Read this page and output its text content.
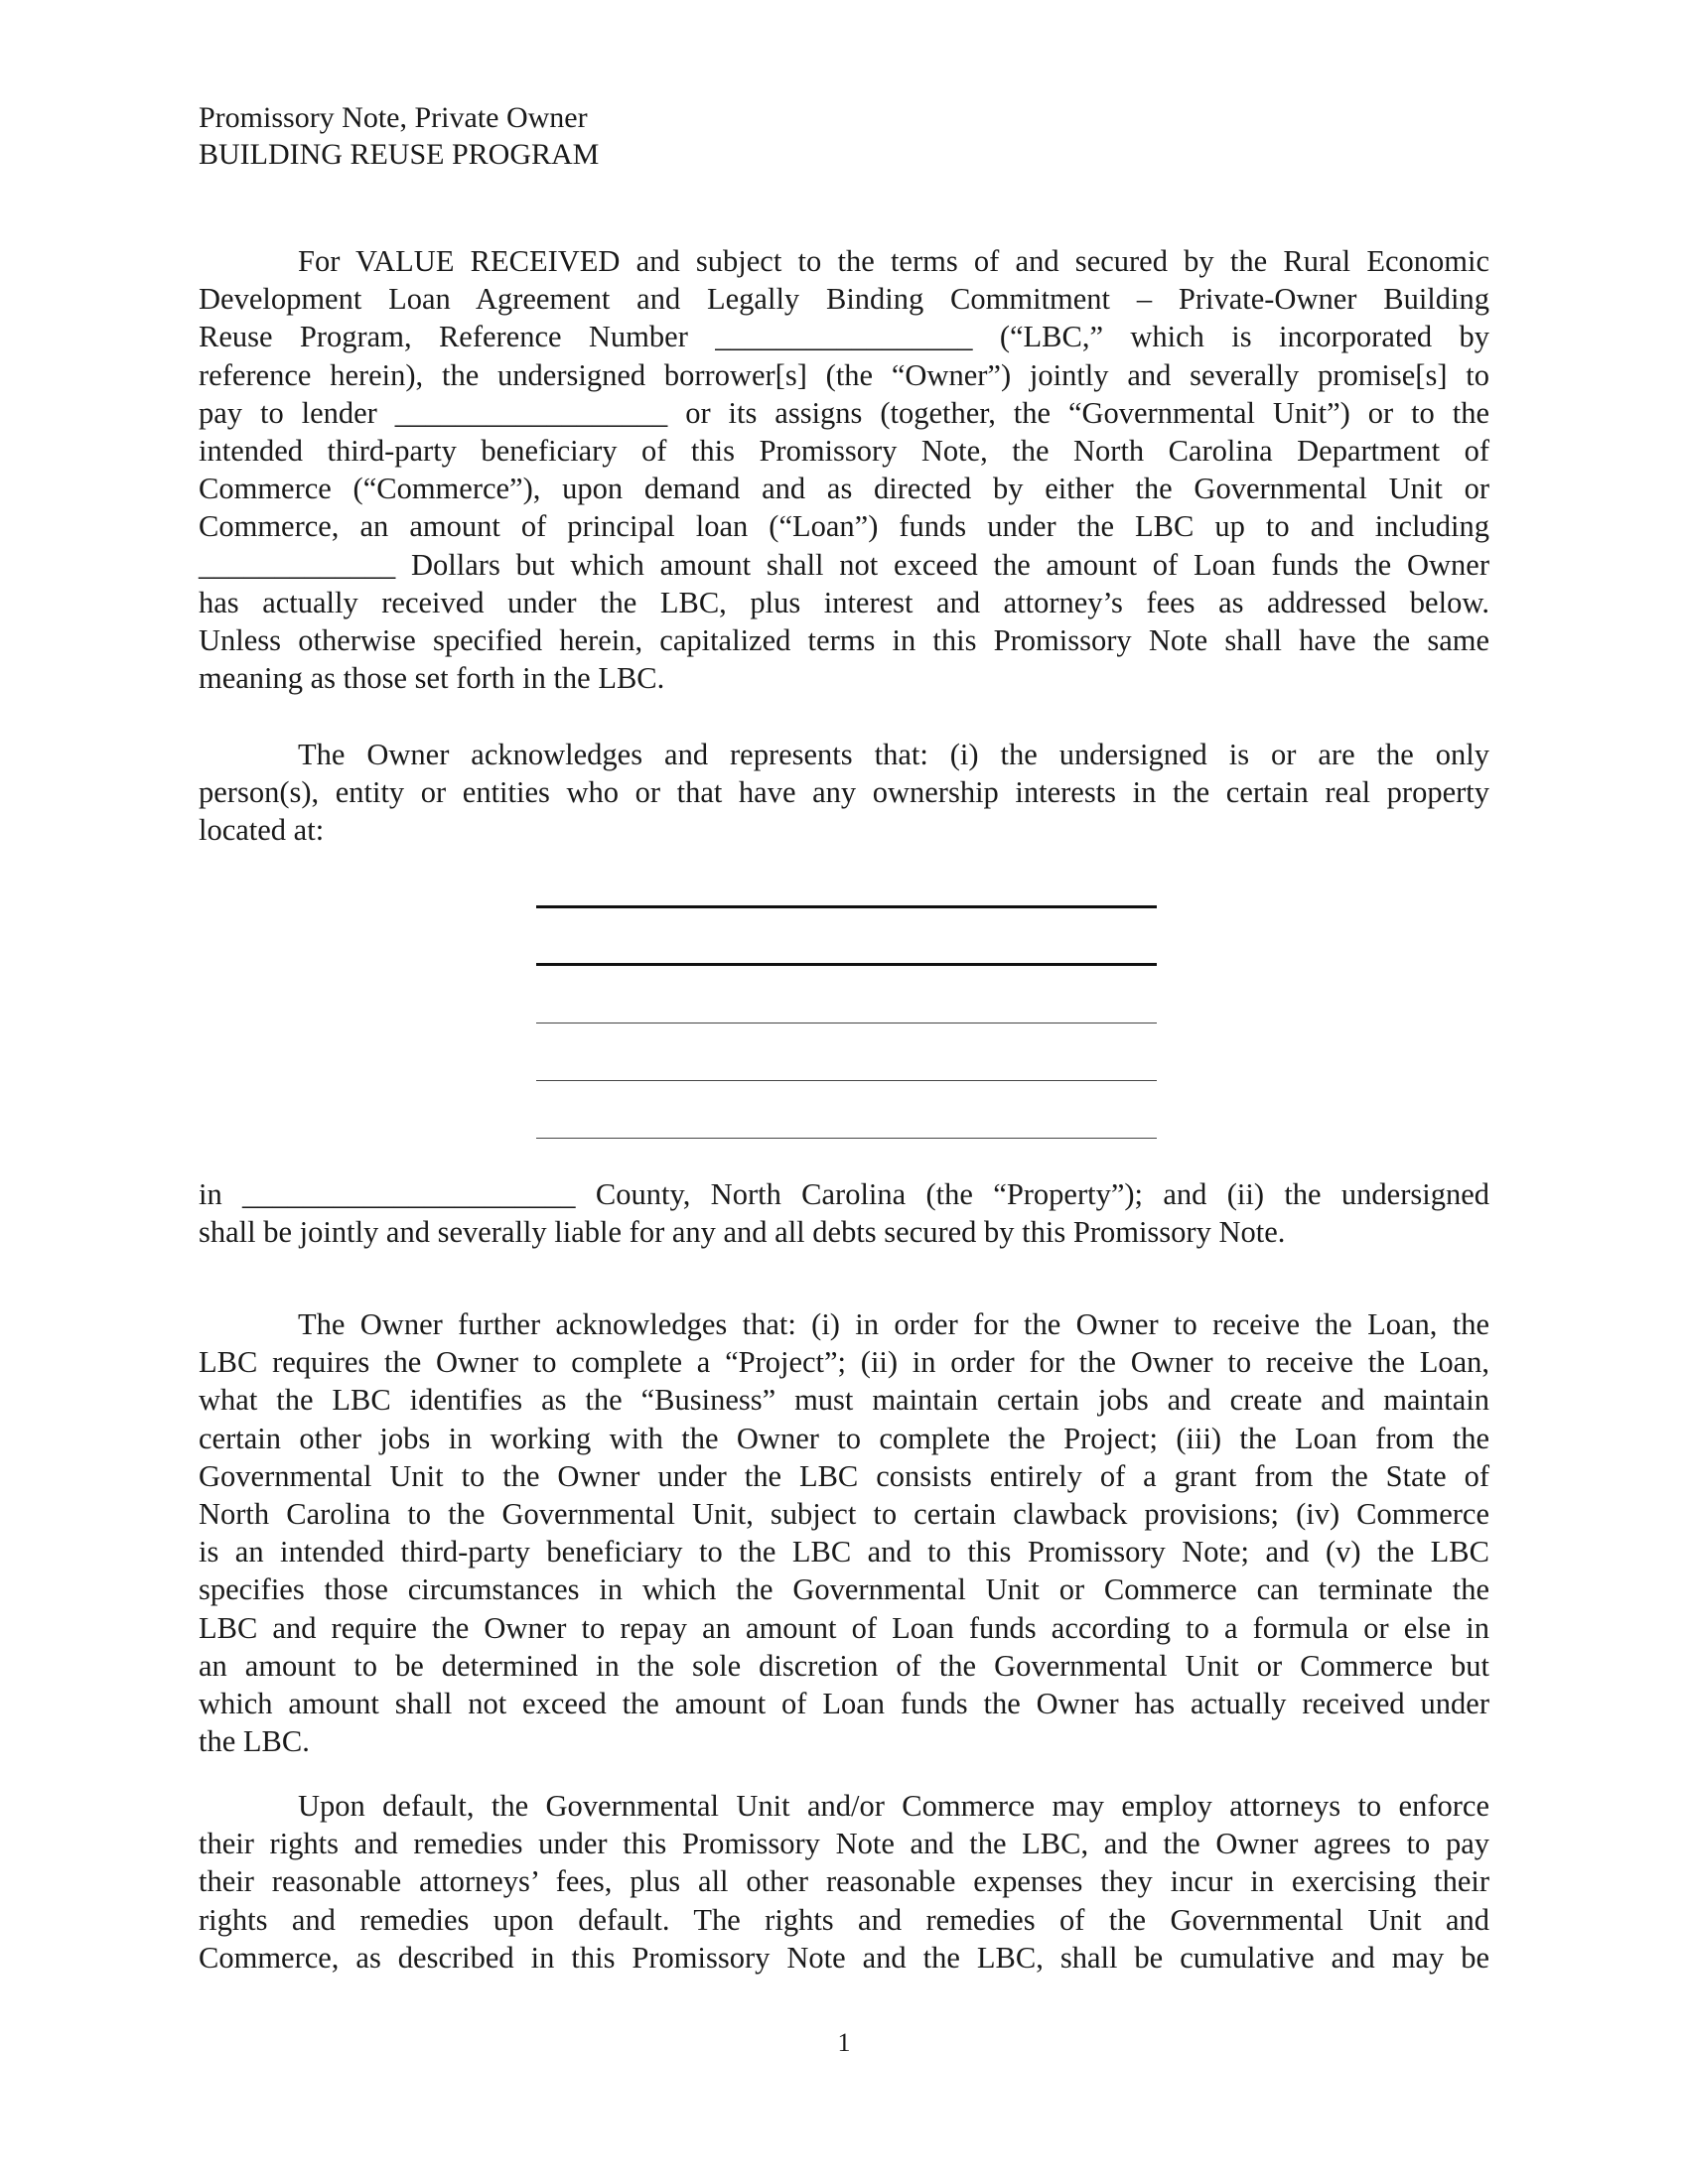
Promissory Note, Private Owner
BUILDING REUSE PROGRAM
For VALUE RECEIVED and subject to the terms of and secured by the Rural Economic
Development Loan Agreement and Legally Binding Commitment – Private-Owner Building
Reuse Program, Reference Number _________________ (“LBC,” which is incorporated by
reference herein), the undersigned borrower[s] (the “Owner”) jointly and severally promise[s] to
pay to lender __________________ or its assigns (together, the “Governmental Unit”) or to the
intended third-party beneficiary of this Promissory Note, the North Carolina Department of
Commerce (“Commerce”), upon demand and as directed by either the Governmental Unit or
Commerce, an amount of principal loan (“Loan”) funds under the LBC up to and including
_____________ Dollars but which amount shall not exceed the amount of Loan funds the Owner
has actually received under the LBC, plus interest and attorney’s fees as addressed below.
Unless otherwise specified herein, capitalized terms in this Promissory Note shall have the same
meaning as those set forth in the LBC.
The Owner acknowledges and represents that: (i) the undersigned is or are the only
person(s), entity or entities who or that have any ownership interests in the certain real property
located at:
in ______________________ County, North Carolina (the “Property”); and (ii) the undersigned
shall be jointly and severally liable for any and all debts secured by this Promissory Note.
The Owner further acknowledges that: (i) in order for the Owner to receive the Loan, the
LBC requires the Owner to complete a “Project”; (ii) in order for the Owner to receive the Loan,
what the LBC identifies as the “Business” must maintain certain jobs and create and maintain
certain other jobs in working with the Owner to complete the Project; (iii) the Loan from the
Governmental Unit to the Owner under the LBC consists entirely of a grant from the State of
North Carolina to the Governmental Unit, subject to certain clawback provisions; (iv) Commerce
is an intended third-party beneficiary to the LBC and to this Promissory Note; and (v) the LBC
specifies those circumstances in which the Governmental Unit or Commerce can terminate the
LBC and require the Owner to repay an amount of Loan funds according to a formula or else in
an amount to be determined in the sole discretion of the Governmental Unit or Commerce but
which amount shall not exceed the amount of Loan funds the Owner has actually received under
the LBC.
Upon default, the Governmental Unit and/or Commerce may employ attorneys to enforce
their rights and remedies under this Promissory Note and the LBC, and the Owner agrees to pay
their reasonable attorneys’ fees, plus all other reasonable expenses they incur in exercising their
rights and remedies upon default. The rights and remedies of the Governmental Unit and
Commerce, as described in this Promissory Note and the LBC, shall be cumulative and may be
1
